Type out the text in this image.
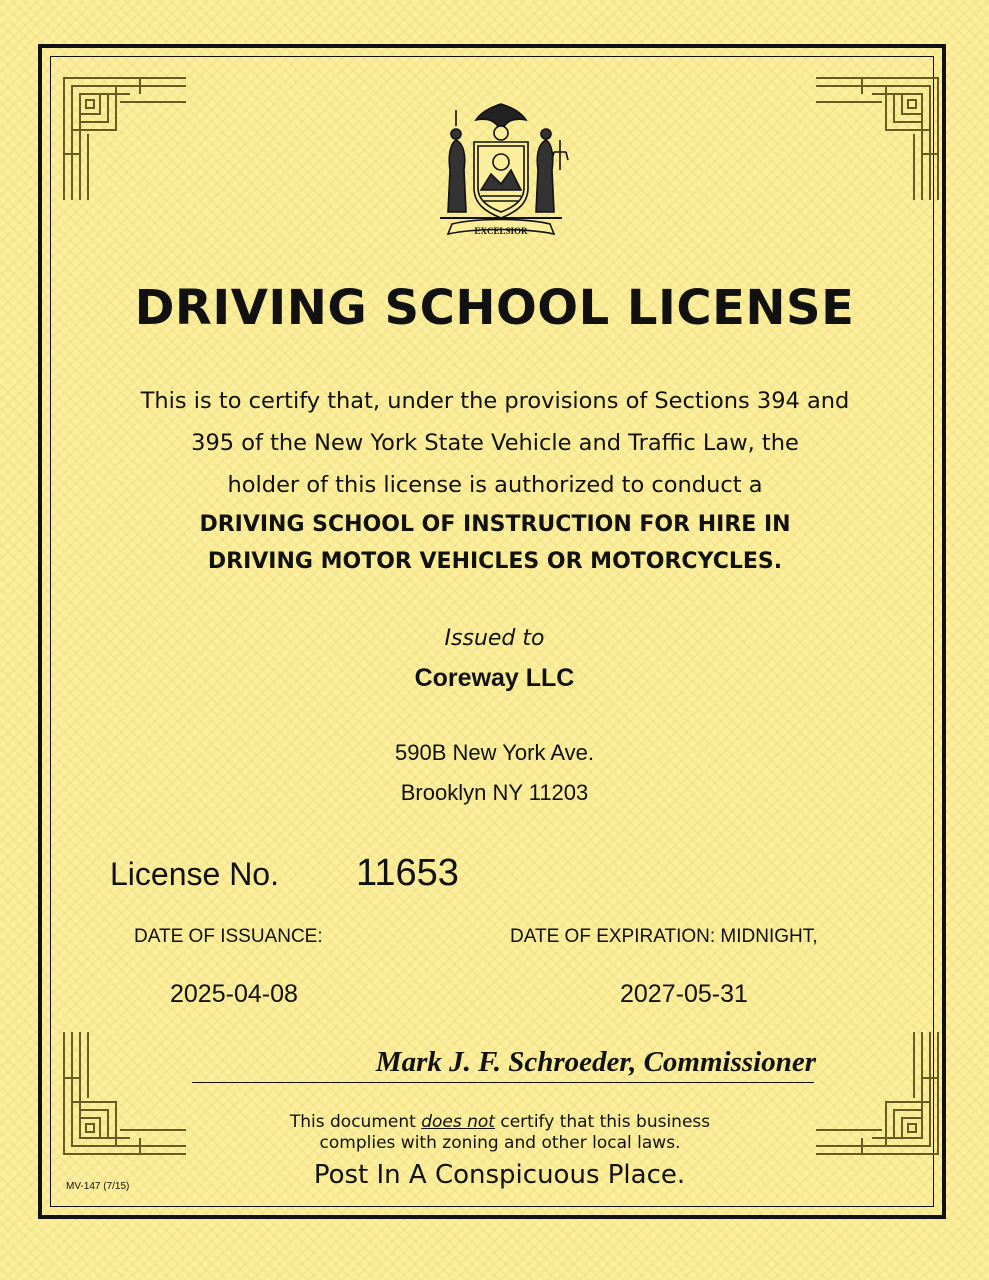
EXCELSIOR
DRIVING SCHOOL LICENSE
This is to certify that, under the provisions of Sections 394 and
395 of the New York State Vehicle and Traffic Law, the
holder of this license is authorized to conduct a
DRIVING SCHOOL OF INSTRUCTION FOR HIRE IN
DRIVING MOTOR VEHICLES OR MOTORCYCLES.
Issued to
Coreway LLC
590B New York Ave.
Brooklyn NY 11203
License No. 11653
DATE OF ISSUANCE:	DATE OF EXPIRATION: MIDNIGHT,
2025-04-08	2027-05-31
Mark J. F. Schroeder, Commissioner
This document does not certify that this business
complies with zoning and other local laws.
Post In A Conspicuous Place.
MV-147 (7/15)
